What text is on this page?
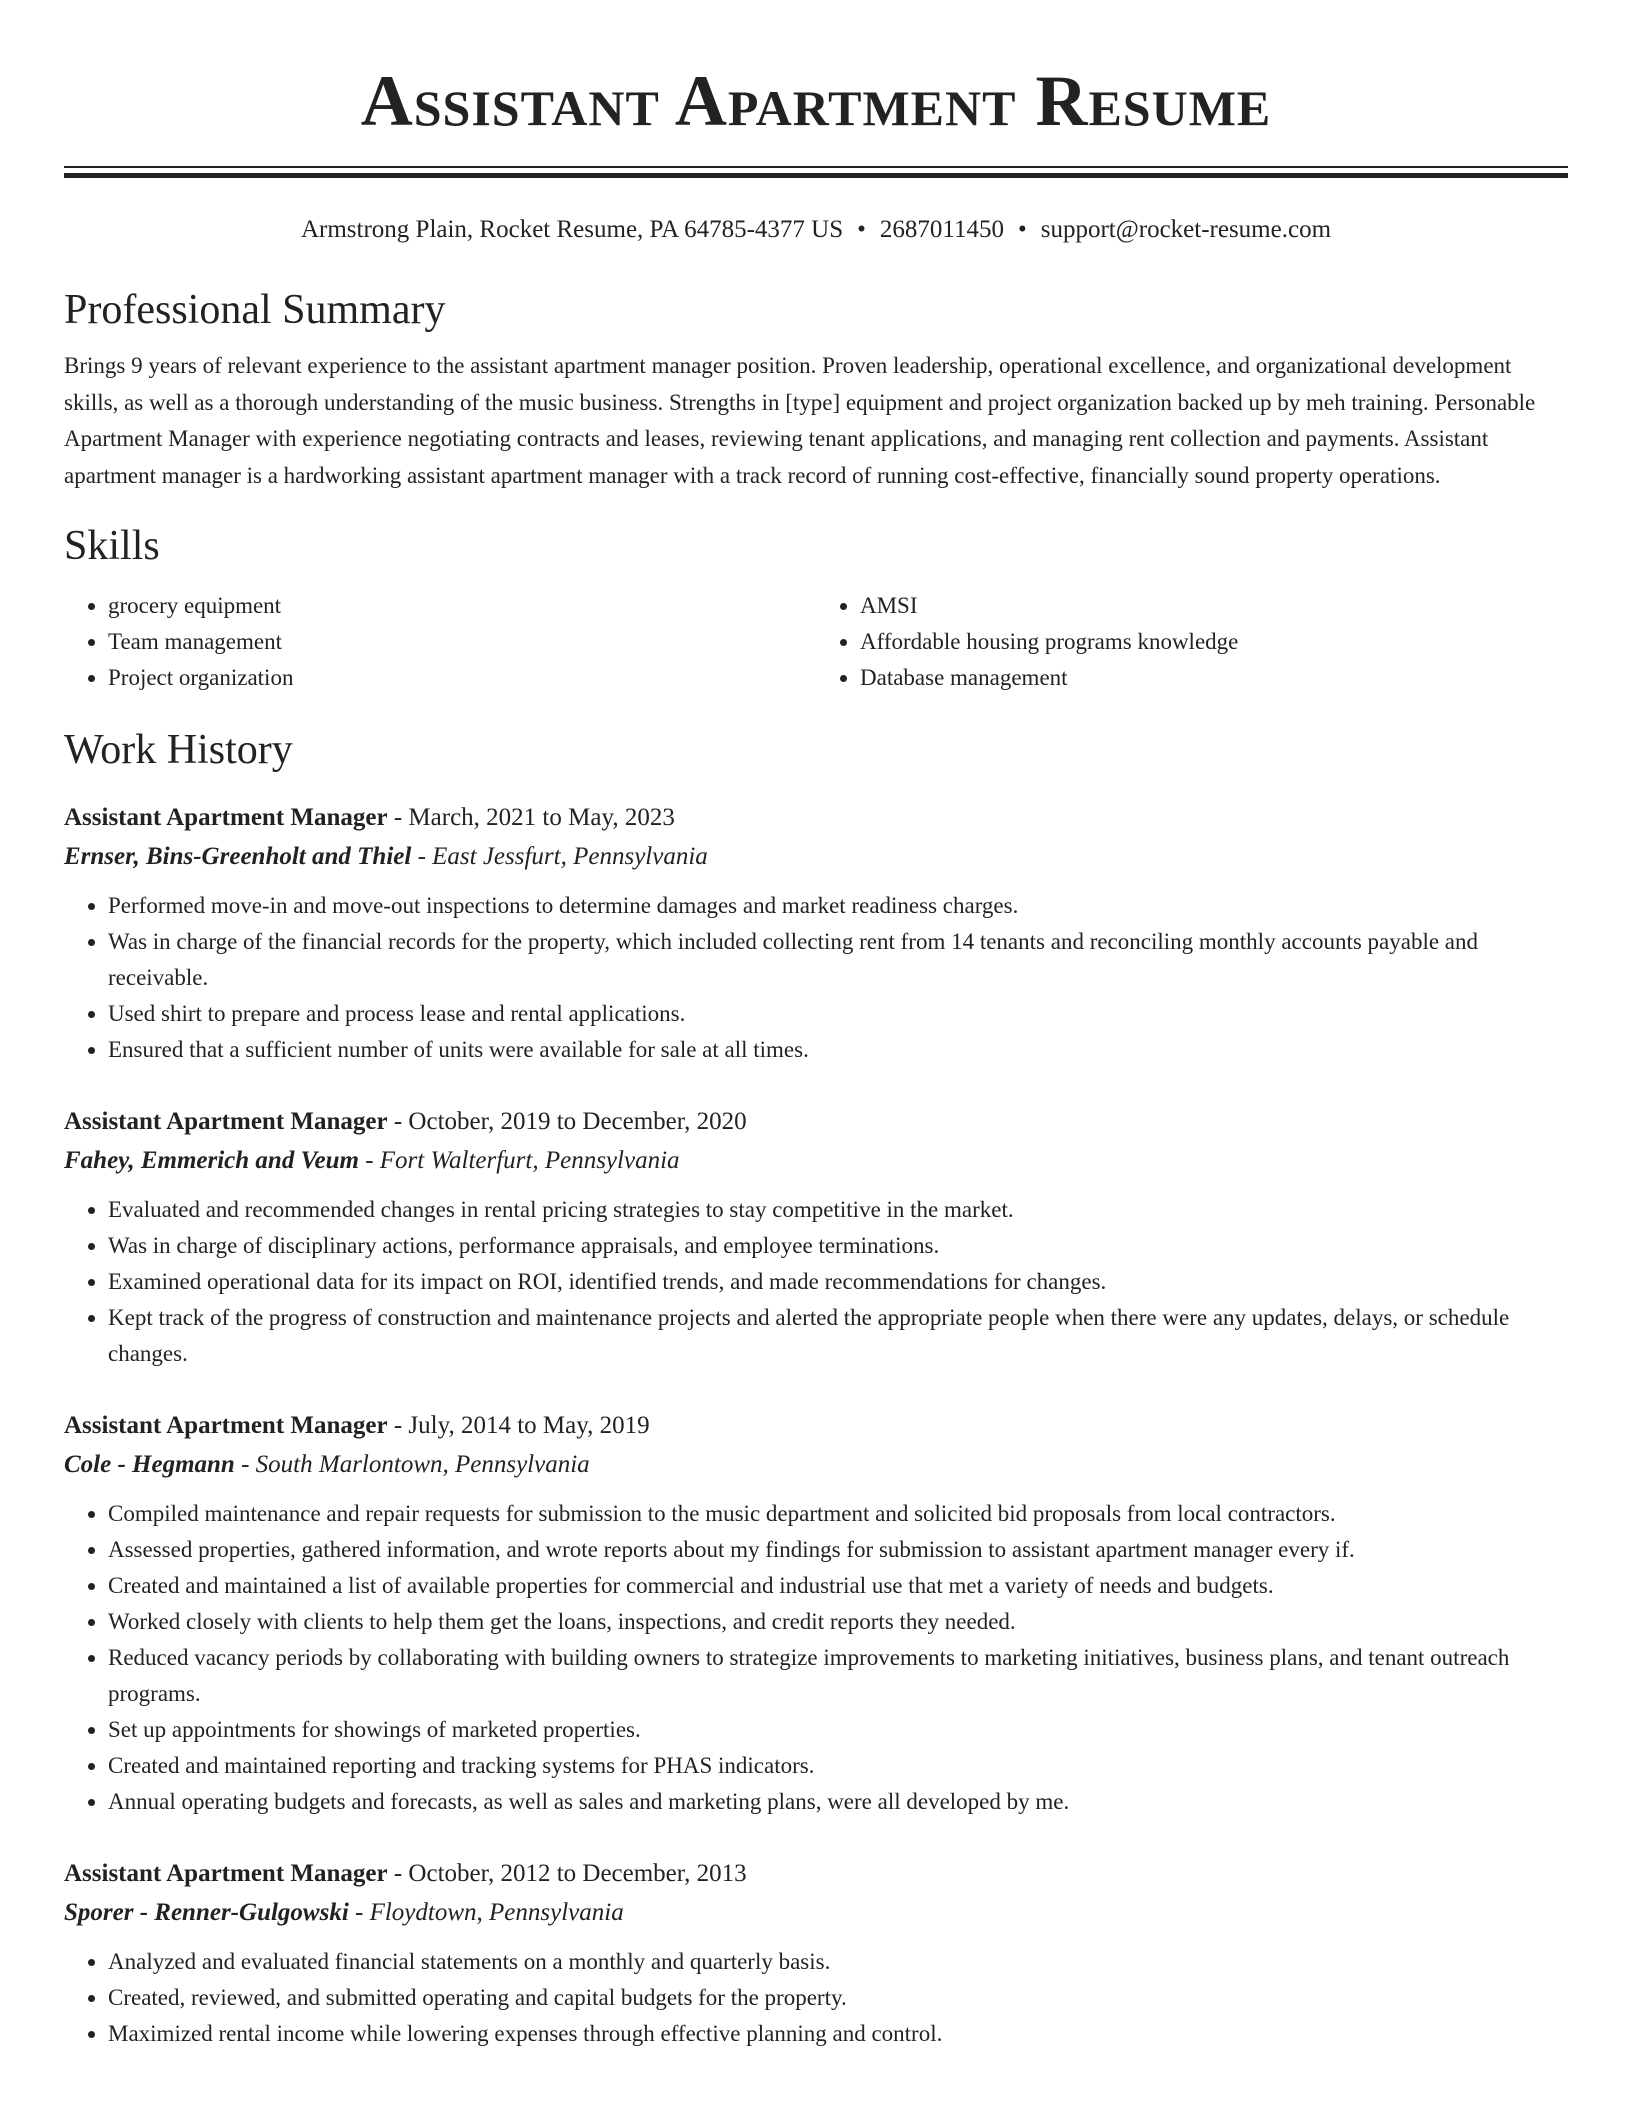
Assistant Apartment Resume
Armstrong Plain, Rocket Resume, PA 64785-4377 US • 2687011450 • support@rocket-resume.com
Professional Summary
Brings 9 years of relevant experience to the assistant apartment manager position. Proven leadership, operational excellence, and organizational development skills, as well as a thorough understanding of the music business. Strengths in [type] equipment and project organization backed up by meh training. Personable Apartment Manager with experience negotiating contracts and leases, reviewing tenant applications, and managing rent collection and payments. Assistant apartment manager is a hardworking assistant apartment manager with a track record of running cost-effective, financially sound property operations.
Skills
• grocery equipment
• Team management
• Project organization
• AMSI
• Affordable housing programs knowledge
• Database management
Work History
Assistant Apartment Manager - March, 2021 to May, 2023
Ernser, Bins-Greenholt and Thiel - East Jessfurt, Pennsylvania
• Performed move-in and move-out inspections to determine damages and market readiness charges.
• Was in charge of the financial records for the property, which included collecting rent from 14 tenants and reconciling monthly accounts payable and receivable.
• Used shirt to prepare and process lease and rental applications.
• Ensured that a sufficient number of units were available for sale at all times.
Assistant Apartment Manager - October, 2019 to December, 2020
Fahey, Emmerich and Veum - Fort Walterfurt, Pennsylvania
• Evaluated and recommended changes in rental pricing strategies to stay competitive in the market.
• Was in charge of disciplinary actions, performance appraisals, and employee terminations.
• Examined operational data for its impact on ROI, identified trends, and made recommendations for changes.
• Kept track of the progress of construction and maintenance projects and alerted the appropriate people when there were any updates, delays, or schedule changes.
Assistant Apartment Manager - July, 2014 to May, 2019
Cole - Hegmann - South Marlontown, Pennsylvania
• Compiled maintenance and repair requests for submission to the music department and solicited bid proposals from local contractors.
• Assessed properties, gathered information, and wrote reports about my findings for submission to assistant apartment manager every if.
• Created and maintained a list of available properties for commercial and industrial use that met a variety of needs and budgets.
• Worked closely with clients to help them get the loans, inspections, and credit reports they needed.
• Reduced vacancy periods by collaborating with building owners to strategize improvements to marketing initiatives, business plans, and tenant outreach programs.
• Set up appointments for showings of marketed properties.
• Created and maintained reporting and tracking systems for PHAS indicators.
• Annual operating budgets and forecasts, as well as sales and marketing plans, were all developed by me.
Assistant Apartment Manager - October, 2012 to December, 2013
Sporer - Renner-Gulgowski - Floydtown, Pennsylvania
• Analyzed and evaluated financial statements on a monthly and quarterly basis.
• Created, reviewed, and submitted operating and capital budgets for the property.
• Maximized rental income while lowering expenses through effective planning and control.
